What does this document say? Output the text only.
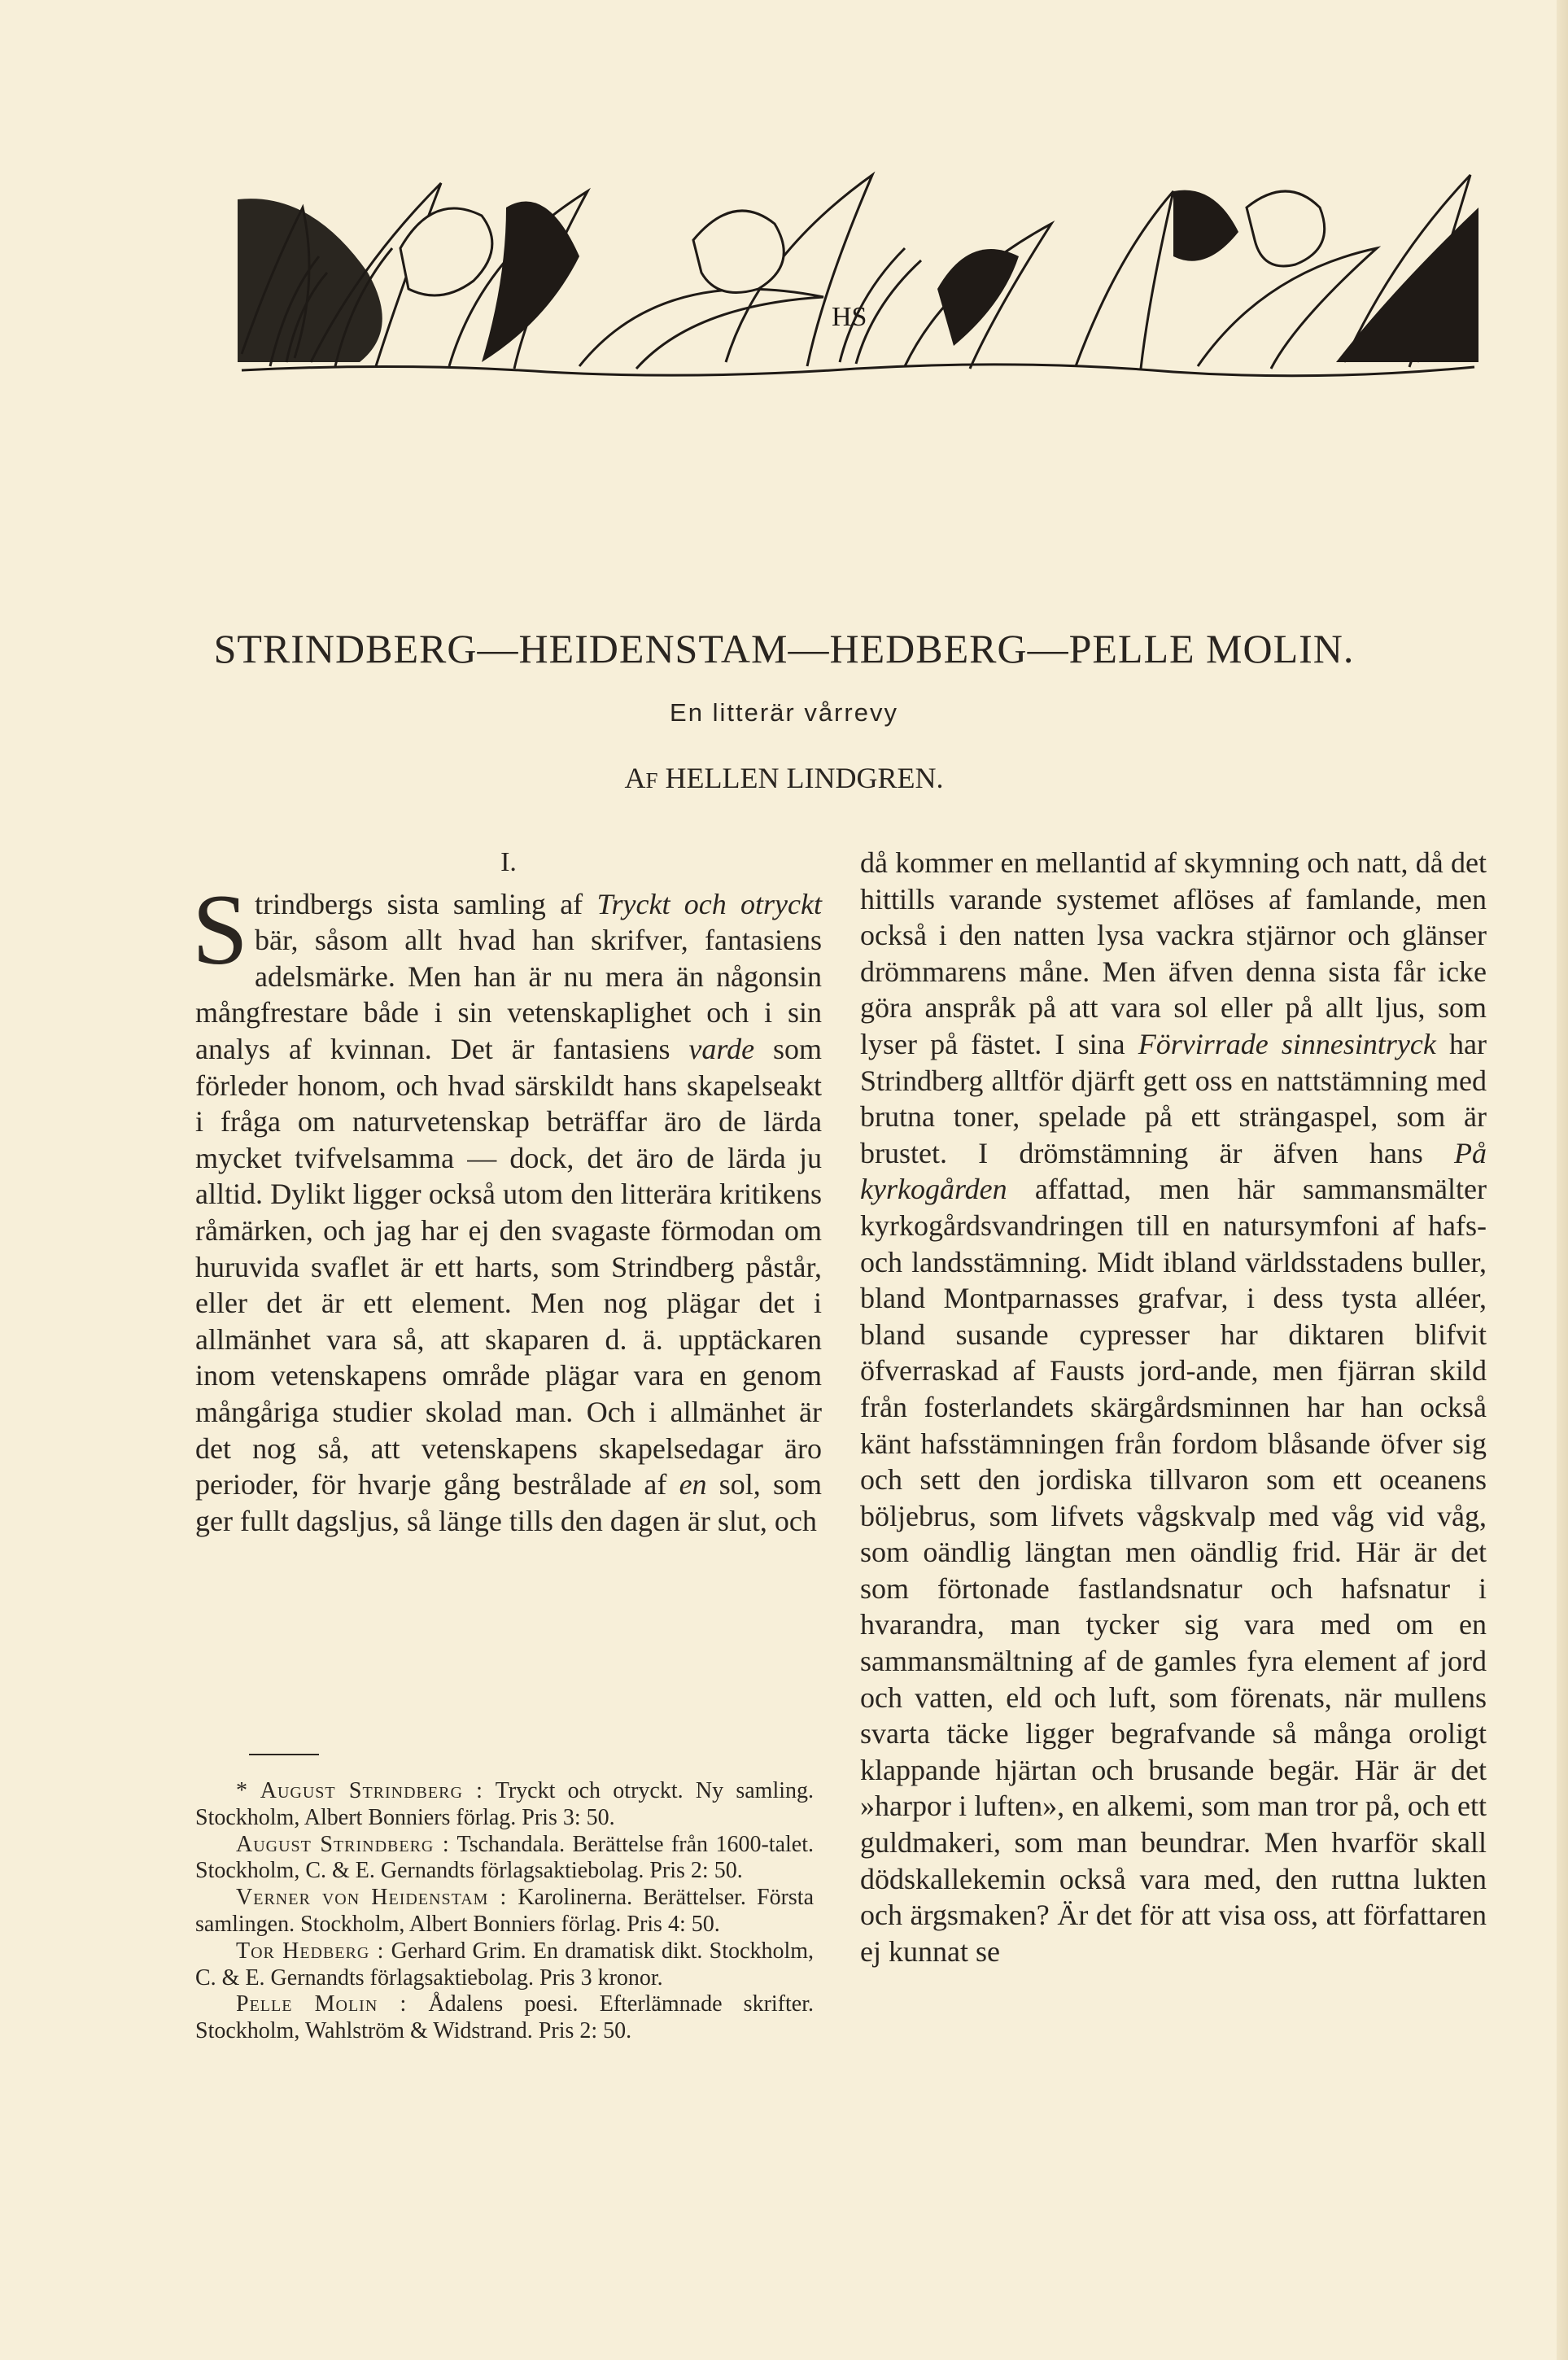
HS
STRINDBERG—HEIDENSTAM—HEDBERG—PELLE MOLIN.
En litterär vårrevy
AF HELLEN LINDGREN.
I.

Strindbergs sista samling af Tryckt och otryckt bär, såsom allt hvad han skrifver, fantasiens adelsmärke. Men han är nu mera än någonsin mångfrestare både i sin vetenskaplighet och i sin analys af kvinnan. Det är fantasiens varde som förleder honom, och hvad särskildt hans skapelseakt i fråga om naturvetenskap beträffar äro de lärda mycket tvifvelsamma — dock, det äro de lärda ju alltid. Dylikt ligger också utom den litterära kritikens råmärken, och jag har ej den svagaste förmodan om huruvida svaflet är ett harts, som Strindberg påstår, eller det är ett element. Men nog plägar det i allmänhet vara så, att skaparen d. ä. upptäckaren inom vetenskapens område plägar vara en genom mångåriga studier skolad man. Och i allmänhet är det nog så, att vetenskapens skapelsedagar äro perioder, för hvarje gång bestrålade af en sol, som ger fullt dagsljus, så länge tills den dagen är slut, och

då kommer en mellantid af skymning och natt, då det hittills varande systemet aflöses af famlande, men också i den natten lysa vackra stjärnor och glänser drömmarens måne. Men äfven denna sista får icke göra anspråk på att vara sol eller på allt ljus, som lyser på fästet. I sina Förvirrade sinnesintryck har Strindberg alltför djärft gett oss en nattstämning med brutna toner, spelade på ett strängaspel, som är brustet. I drömstämning är äfven hans På kyrkogården affattad, men här sammansmälter kyrkogårdsvandringen till en natursymfoni af hafs- och landsstämning. Midt ibland världsstadens buller, bland Montparnasses grafvar, i dess tysta alléer, bland susande cypresser har diktaren blifvit öfverraskad af Fausts jord-ande, men fjärran skild från fosterlandets skärgårdsminnen har han också känt hafsstämningen från fordom blåsande öfver sig och sett den jordiska tillvaron som ett oceanens böljebrus, som lifvets vågskvalp med våg vid våg, som oändlig längtan men oändlig frid. Här är det som förtonade fastlandsnatur och hafsnatur i hvarandra, man tycker sig vara med om en sammansmältning af de gamles fyra element af jord och vatten, eld och luft, som förenats, när mullens svarta täcke ligger begrafvande så många oroligt klappande hjärtan och brusande begär. Här är det »harpor i luften», en alkemi, som man tror på, och ett guldmakeri, som man beundrar. Men hvarför skall dödskallekemin också vara med, den ruttna lukten och ärgsmaken? Är det för att visa oss, att författaren ej kunnat se

* August Strindberg : Tryckt och otryckt. Ny samling. Stockholm, Albert Bonniers förlag. Pris 3: 50.

August Strindberg : Tschandala. Berättelse från 1600-talet. Stockholm, C. & E. Gernandts förlagsaktiebolag. Pris 2: 50.

Verner von Heidenstam : Karolinerna. Berättelser. Första samlingen. Stockholm, Albert Bonniers förlag. Pris 4: 50.

Tor Hedberg : Gerhard Grim. En dramatisk dikt. Stockholm, C. & E. Gernandts förlagsaktiebolag. Pris 3 kronor.

Pelle Molin : Ådalens poesi. Efterlämnade skrifter. Stockholm, Wahlström & Widstrand. Pris 2: 50.
